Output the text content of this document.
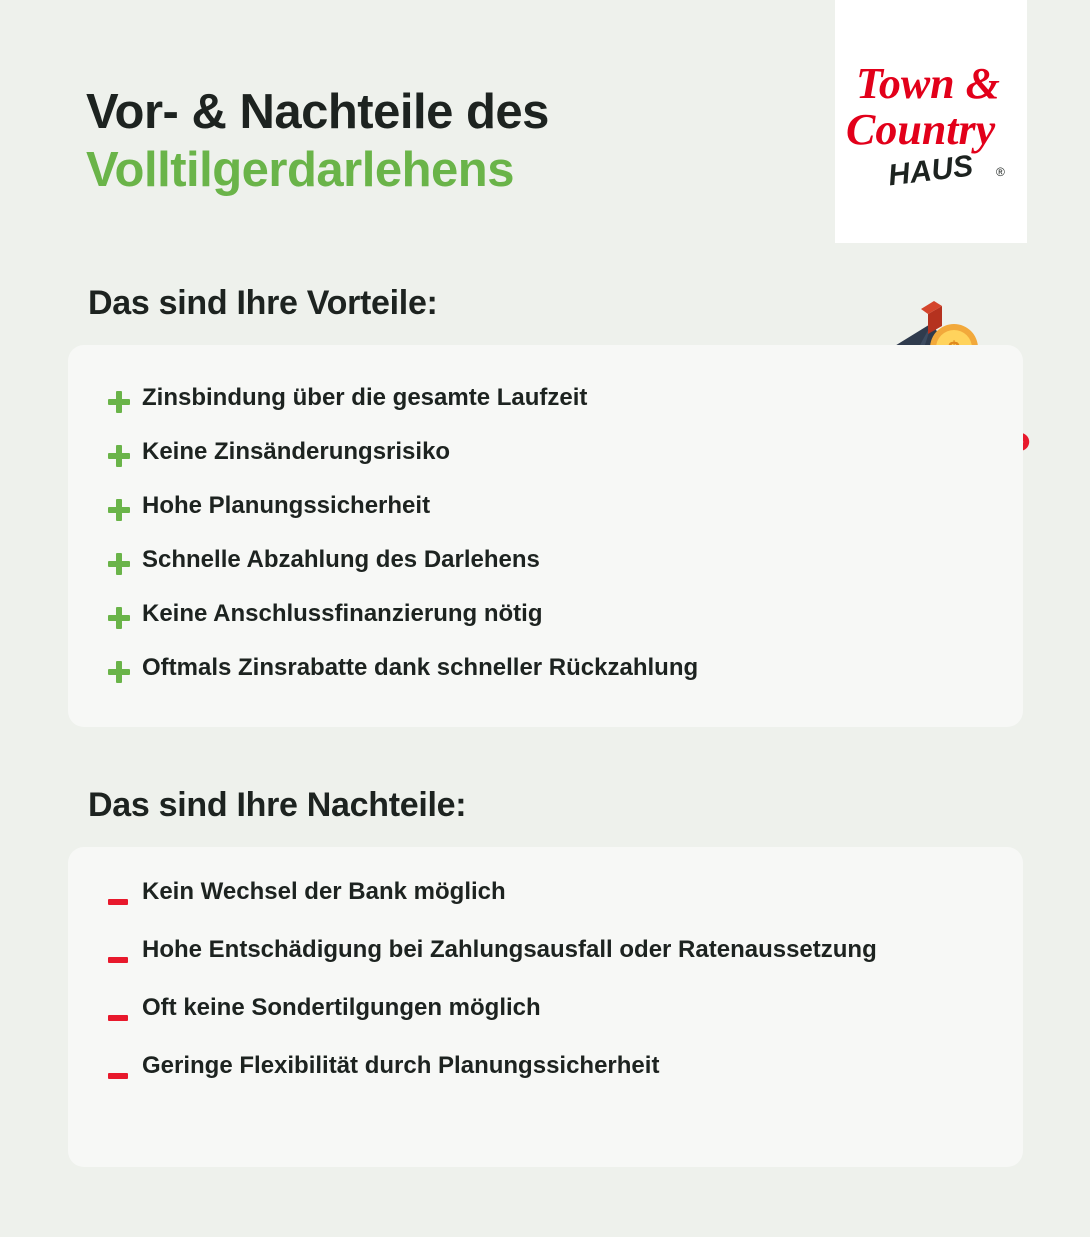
Town &
Country
HAUS ®
Vor- & Nachteile des
Volltilgerdarlehens
Das sind Ihre Vorteile:
Zinsbindung über die gesamte Laufzeit
Keine Zinsänderungsrisiko
Hohe Planungssicherheit
Schnelle Abzahlung des Darlehens
Keine Anschlussfinanzierung nötig
Oftmals Zinsrabatte dank schneller Rückzahlung
Das sind Ihre Nachteile:
Kein Wechsel der Bank möglich
Hohe Entschädigung bei Zahlungsausfall oder Ratenaussetzung
Oft keine Sondertilgungen möglich
Geringe Flexibilität durch Planungssicherheit
